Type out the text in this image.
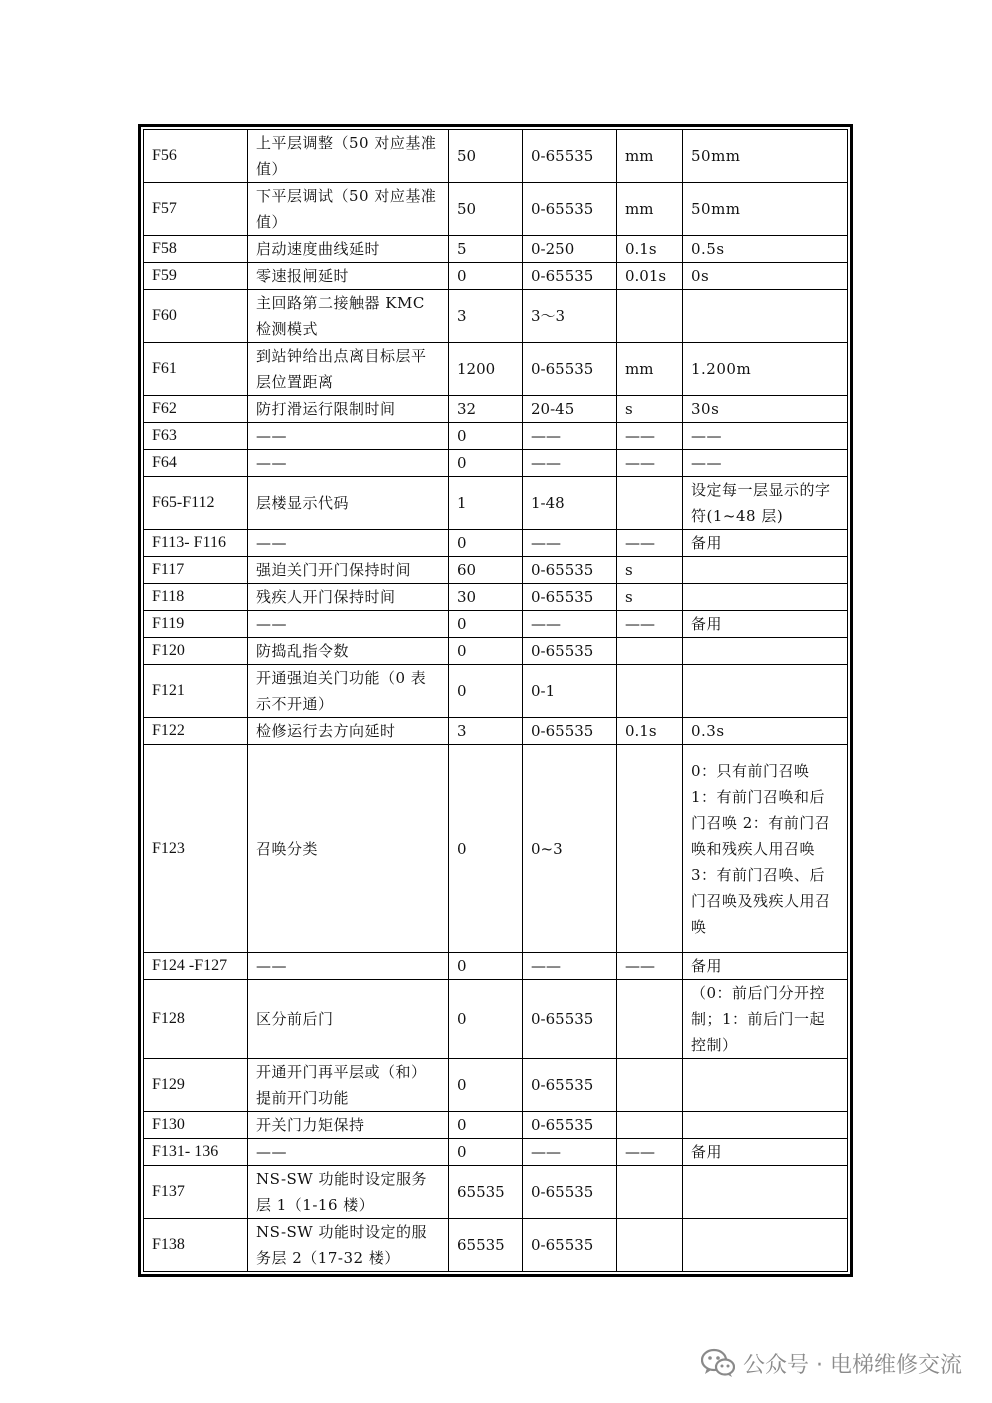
F56	上平层调整（50 对应基准值）	50	0-65535	mm	50mm
F57	下平层调试（50 对应基准值）	50	0-65535	mm	50mm
F58	启动速度曲线延时	5	0-250	0.1s	0.5s
F59	零速报闸延时	0	0-65535	0.01s	0s
F60	主回路第二接触器 KMC 检测模式	3	3～3		
F61	到站钟给出点离目标层平层位置距离	1200	0-65535	mm	1.200m
F62	防打滑运行限制时间	32	20-45	s	30s
F63	——	0	——	——	——
F64	——	0	——	——	——
F65-F112	层楼显示代码	1	1-48		设定每一层显示的字符(1~48 层)
F113- F116	——	0	——	——	备用
F117	强迫关门开门保持时间	60	0-65535	s	
F118	残疾人开门保持时间	30	0-65535	s	
F119	——	0	——	——	备用
F120	防捣乱指令数	0	0-65535		
F121	开通强迫关门功能（0 表示不开通）	0	0-1		
F122	检修运行去方向延时	3	0-65535	0.1s	0.3s
F123	召唤分类	0	0~3		0：只有前门召唤 1：有前门召唤和后门召唤 2：有前门召唤和残疾人用召唤 3：有前门召唤、后门召唤及残疾人用召唤
F124 -F127	——	0	——	——	备用
F128	区分前后门	0	0-65535		（0：前后门分开控制；1：前后门一起控制）
F129	开通开门再平层或（和）提前开门功能	0	0-65535		
F130	开关门力矩保持	0	0-65535		
F131- 136	——	0	——	——	备用
F137	NS-SW 功能时设定服务层 1（1-16 楼）	65535	0-65535		
F138	NS-SW 功能时设定的服务层 2（17-32 楼）	65535	0-65535		
公众号 · 电梯维修交流
